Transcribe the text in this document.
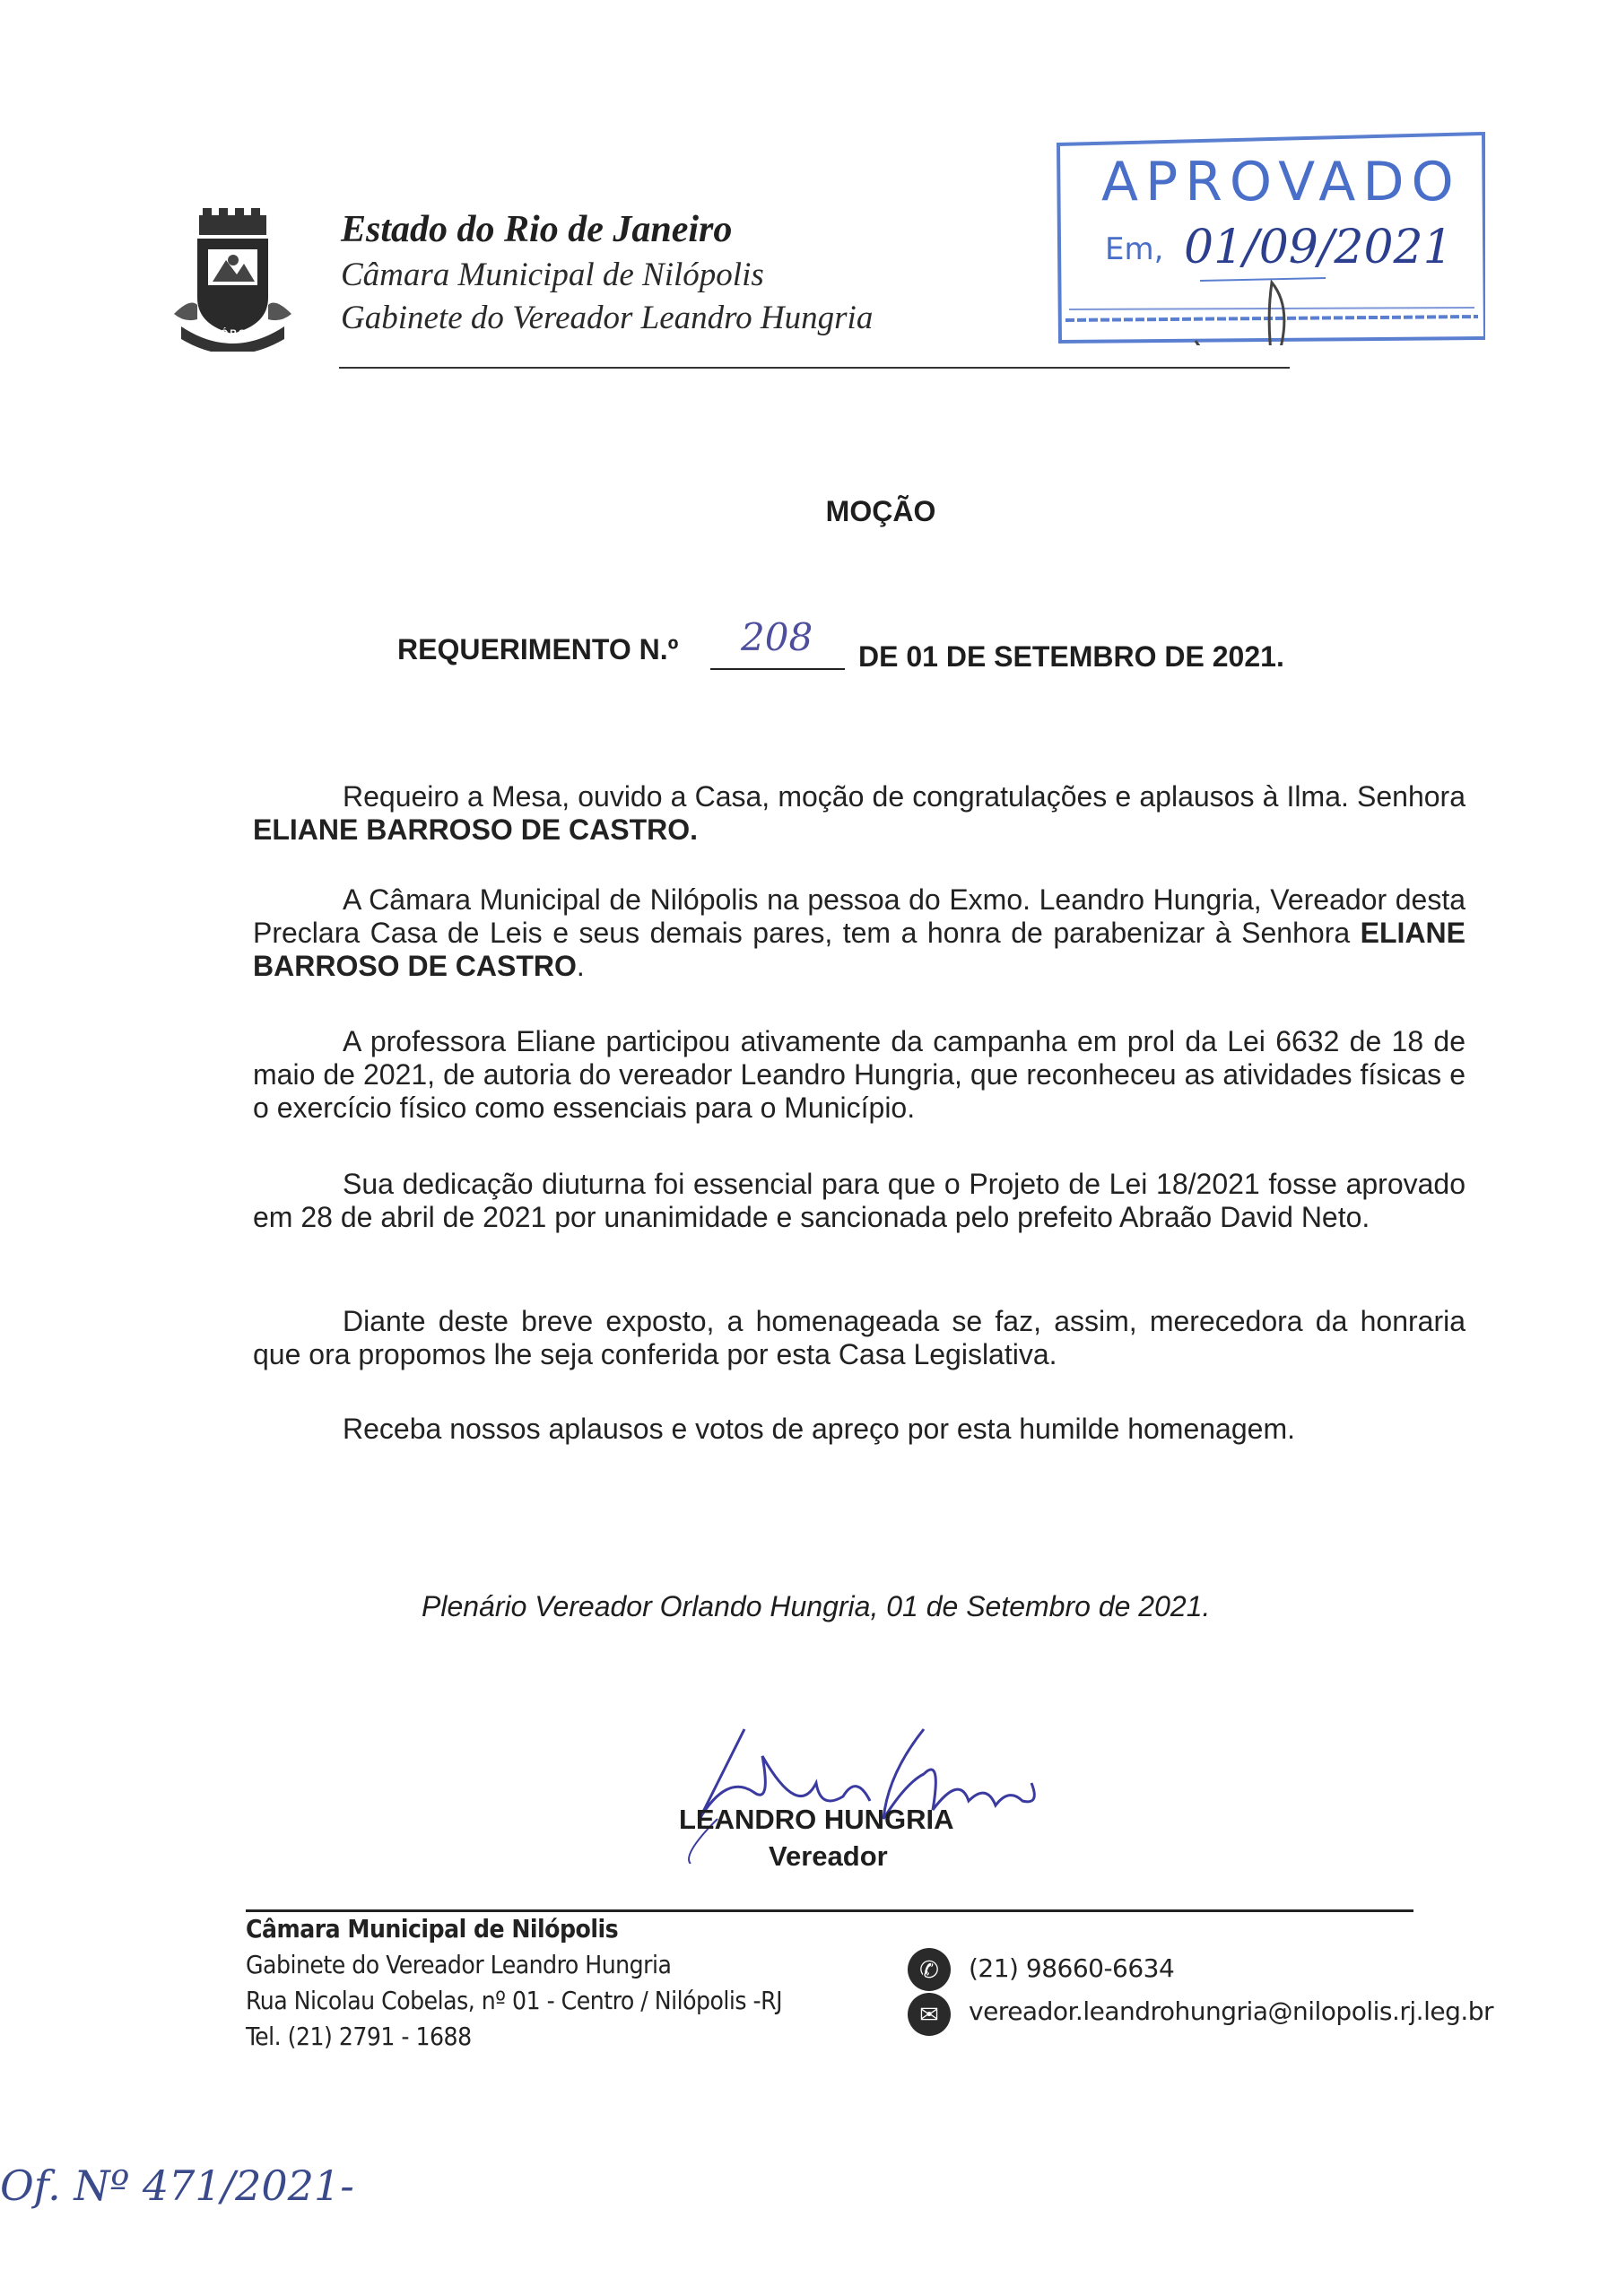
NILÓPOLIS
Estado do Rio de Janeiro
Câmara Municipal de Nilópolis
Gabinete do Vereador Leandro Hungria
APROVADO
Em, 01/09/2021
MOÇÃO
REQUERIMENTO N.º 208 DE 01 DE SETEMBRO DE 2021.
Requeiro a Mesa, ouvido a Casa, moção de congratulações e aplausos à Ilma. Senhora ELIANE BARROSO DE CASTRO.
A Câmara Municipal de Nilópolis na pessoa do Exmo. Leandro Hungria, Vereador desta Preclara Casa de Leis e seus demais pares, tem a honra de parabenizar à Senhora ELIANE BARROSO DE CASTRO.
A professora Eliane participou ativamente da campanha em prol da Lei 6632 de 18 de maio de 2021, de autoria do vereador Leandro Hungria, que reconheceu as atividades físicas e o exercício físico como essenciais para o Município.
Sua dedicação diuturna foi essencial para que o Projeto de Lei 18/2021 fosse aprovado em 28 de abril de 2021 por unanimidade e sancionada pelo prefeito Abraão David Neto.
Diante deste breve exposto, a homenageada se faz, assim, merecedora da honraria que ora propomos lhe seja conferida por esta Casa Legislativa.
Receba nossos aplausos e votos de apreço por esta humilde homenagem.
Plenário Vereador Orlando Hungria, 01 de Setembro de 2021.
LEANDRO HUNGRIA
Vereador
Câmara Municipal de Nilópolis
Gabinete do Vereador Leandro Hungria
Rua Nicolau Cobelas, nº 01 - Centro / Nilópolis -RJ
Tel. (21) 2791 - 1688
✆	(21) 98660-6634
✉	vereador.leandrohungria@nilopolis.rj.leg.br
Of. Nº 471/2021-
